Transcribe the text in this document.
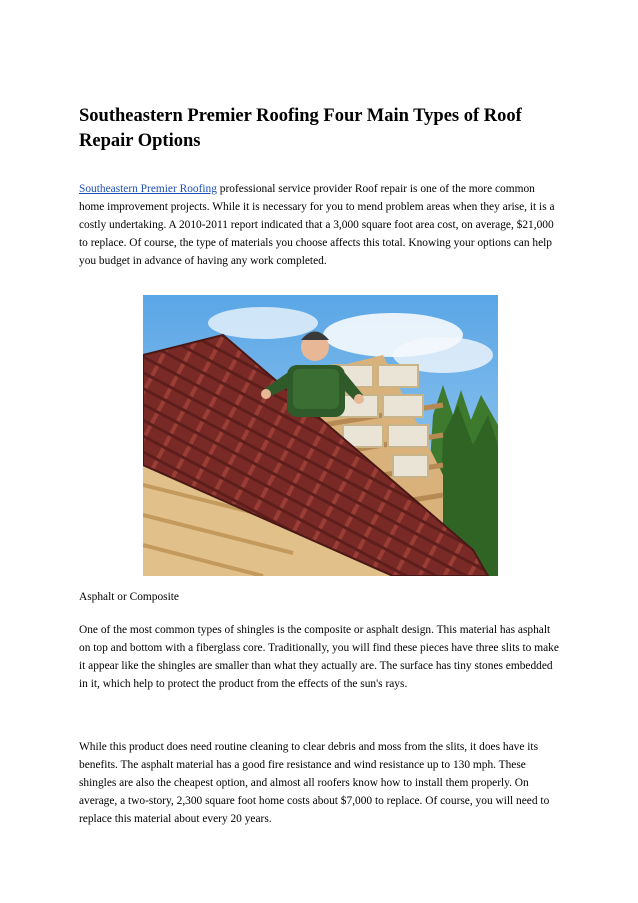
Southeastern Premier Roofing Four Main Types of Roof Repair Options

Southeastern Premier Roofing professional service provider Roof repair is one of the more common home improvement projects. While it is necessary for you to mend problem areas when they arise, it is a costly undertaking. A 2010-2011 report indicated that a 3,000 square foot area cost, on average, $21,000 to replace. Of course, the type of materials you choose affects this total. Knowing your options can help you budget in advance of having any work completed.

Asphalt or Composite

One of the most common types of shingles is the composite or asphalt design. This material has asphalt on top and bottom with a fiberglass core. Traditionally, you will find these pieces have three slits to make it appear like the shingles are smaller than what they actually are. The surface has tiny stones embedded in it, which help to protect the product from the effects of the sun's rays.

While this product does need routine cleaning to clear debris and moss from the slits, it does have its benefits. The asphalt material has a good fire resistance and wind resistance up to 130 mph. These shingles are also the cheapest option, and almost all roofers know how to install them properly. On average, a two-story, 2,300 square foot home costs about $7,000 to replace. Of course, you will need to replace this material about every 20 years.
